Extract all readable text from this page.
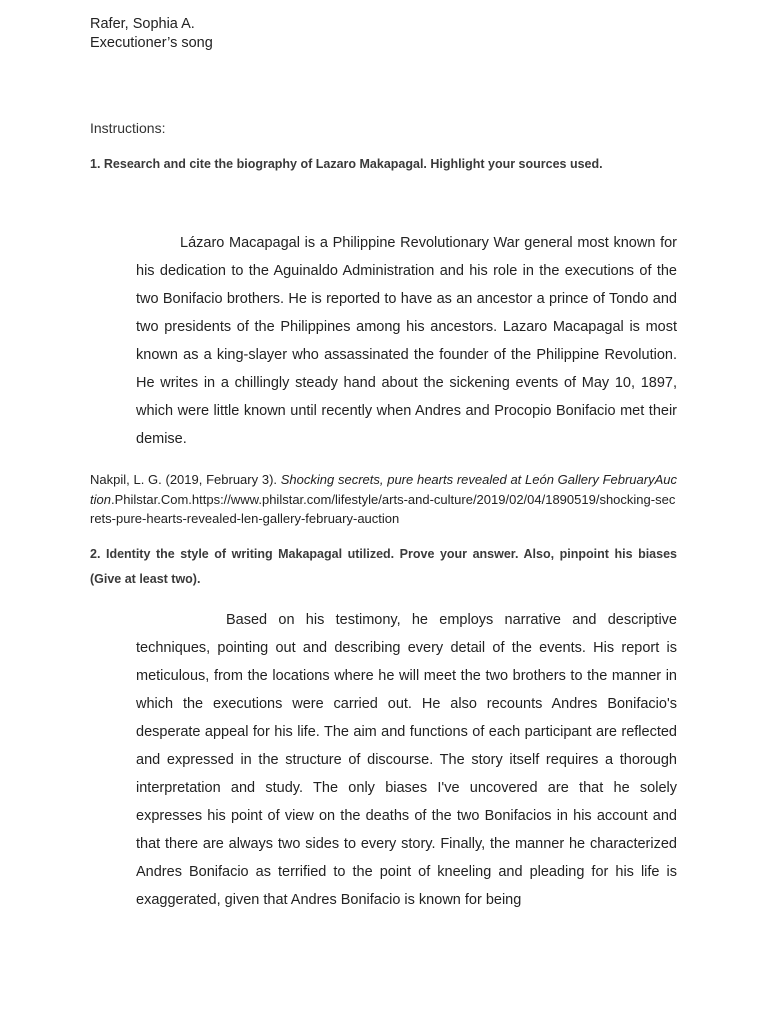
Rafer, Sophia A.
Executioner’s song
Instructions:
1. Research and cite the biography of Lazaro Makapagal. Highlight your sources used.
Lázaro Macapagal is a Philippine Revolutionary War general most known for his dedication to the Aguinaldo Administration and his role in the executions of the two Bonifacio brothers. He is reported to have as an ancestor a prince of Tondo and two presidents of the Philippines among his ancestors. Lazaro Macapagal is most known as a king-slayer who assassinated the founder of the Philippine Revolution. He writes in a chillingly steady hand about the sickening events of May 10, 1897, which were little known until recently when Andres and Procopio Bonifacio met their demise.
Nakpil, L. G. (2019, February 3). Shocking secrets, pure hearts revealed at León Gallery FebruaryAuction.Philstar.Com.https://www.philstar.com/lifestyle/arts-and-culture/2019/02/04/1890519/shocking-secrets-pure-hearts-revealed-len-gallery-february-auction
2. Identity the style of writing Makapagal utilized. Prove your answer. Also, pinpoint his biases (Give at least two).
Based on his testimony, he employs narrative and descriptive techniques, pointing out and describing every detail of the events. His report is meticulous, from the locations where he will meet the two brothers to the manner in which the executions were carried out. He also recounts Andres Bonifacio's desperate appeal for his life. The aim and functions of each participant are reflected and expressed in the structure of discourse. The story itself requires a thorough interpretation and study. The only biases I've uncovered are that he solely expresses his point of view on the deaths of the two Bonifacios in his account and that there are always two sides to every story. Finally, the manner he characterized Andres Bonifacio as terrified to the point of kneeling and pleading for his life is exaggerated, given that Andres Bonifacio is known for being
